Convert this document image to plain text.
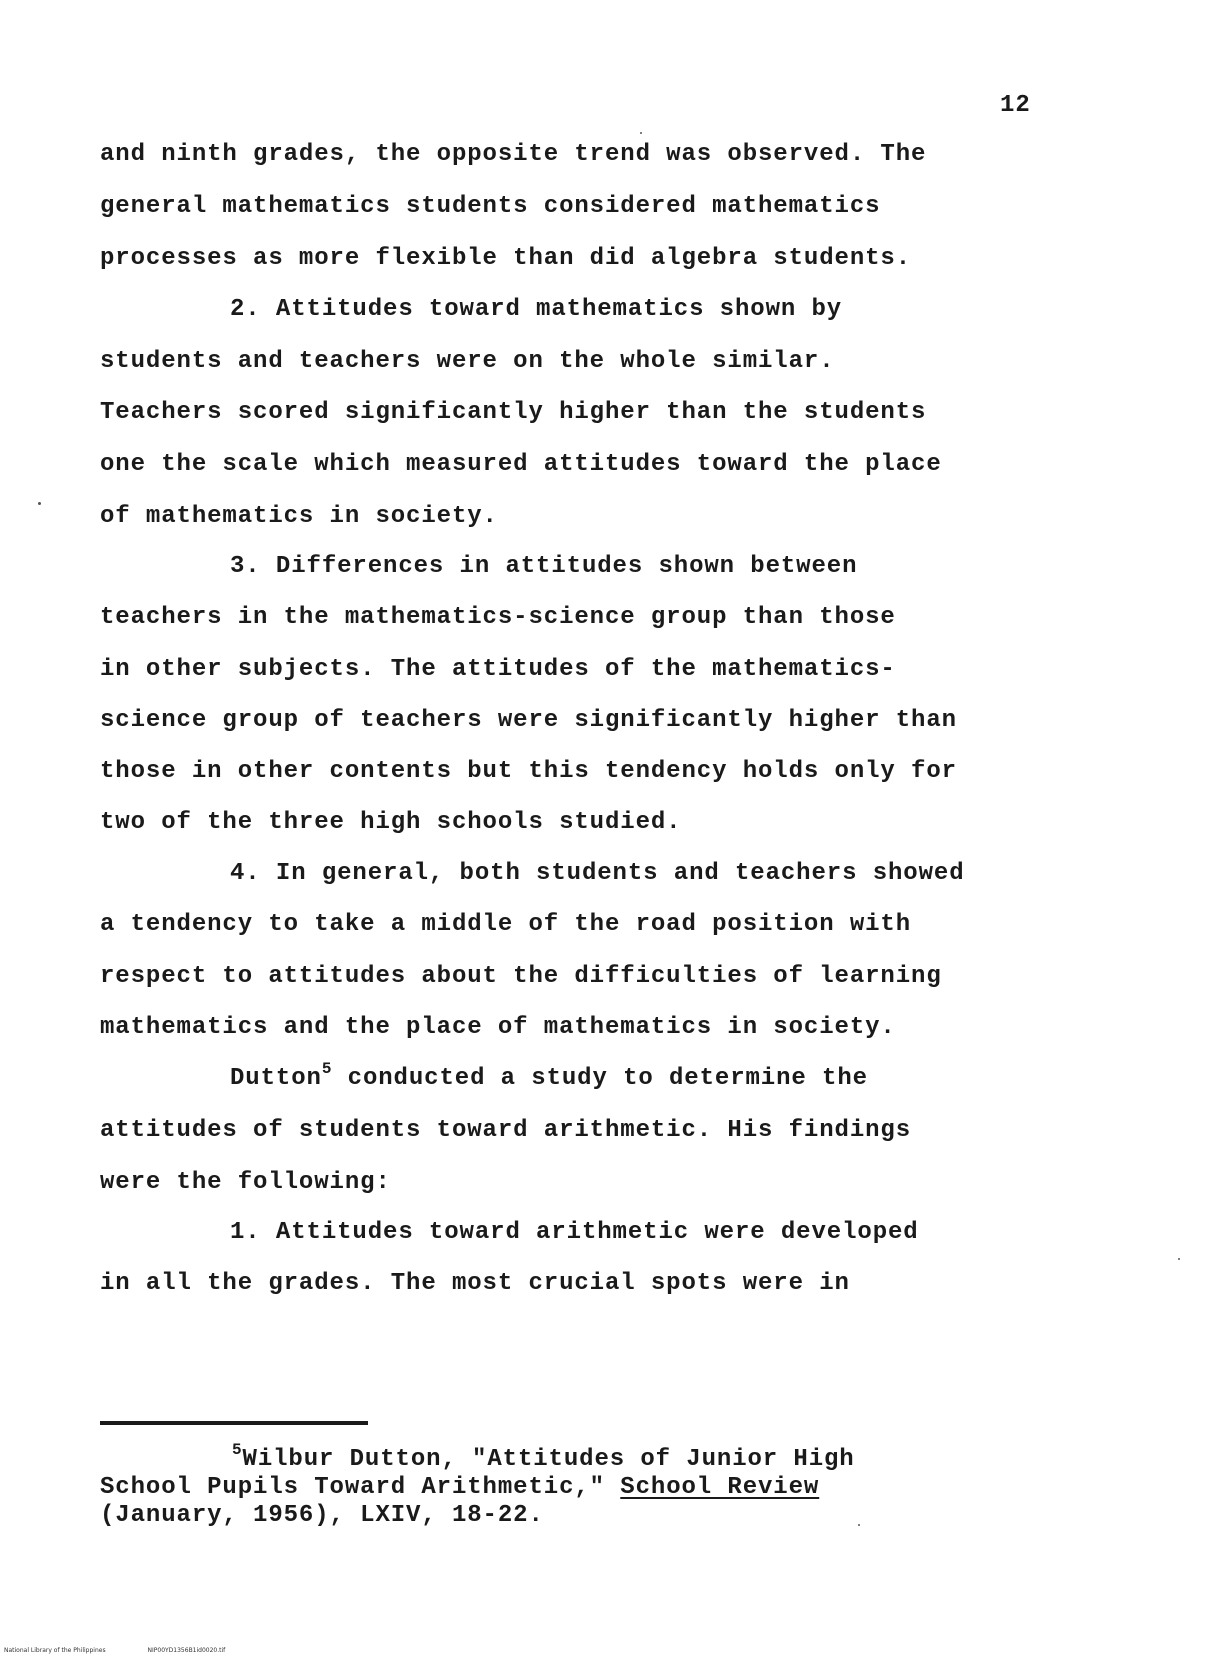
12
and ninth grades, the opposite trend was observed. The
general mathematics students considered mathematics
processes as more flexible than did algebra students.
2. Attitudes toward mathematics shown by
students and teachers were on the whole similar.
Teachers scored significantly higher than the students
one the scale which measured attitudes toward the place
of mathematics in society.
3. Differences in attitudes shown between
teachers in the mathematics-science group than those
in other subjects. The attitudes of the mathematics-
science group of teachers were significantly higher than
those in other contents but this tendency holds only for
two of the three high schools studied.
4. In general, both students and teachers showed
a tendency to take a middle of the road position with
respect to attitudes about the difficulties of learning
mathematics and the place of mathematics in society.
Dutton$^5$ conducted a study to determine the
attitudes of students toward arithmetic. His findings
were the following:
1. Attitudes toward arithmetic were developed
in all the grades. The most crucial spots were in
$^5$Wilbur Dutton, "Attitudes of Junior High
School Pupils Toward Arithmetic," School Review
(January, 1956), LXIV, 18-22.
National Library of the Philippines	NIP00YD1356B1id0020.tif
